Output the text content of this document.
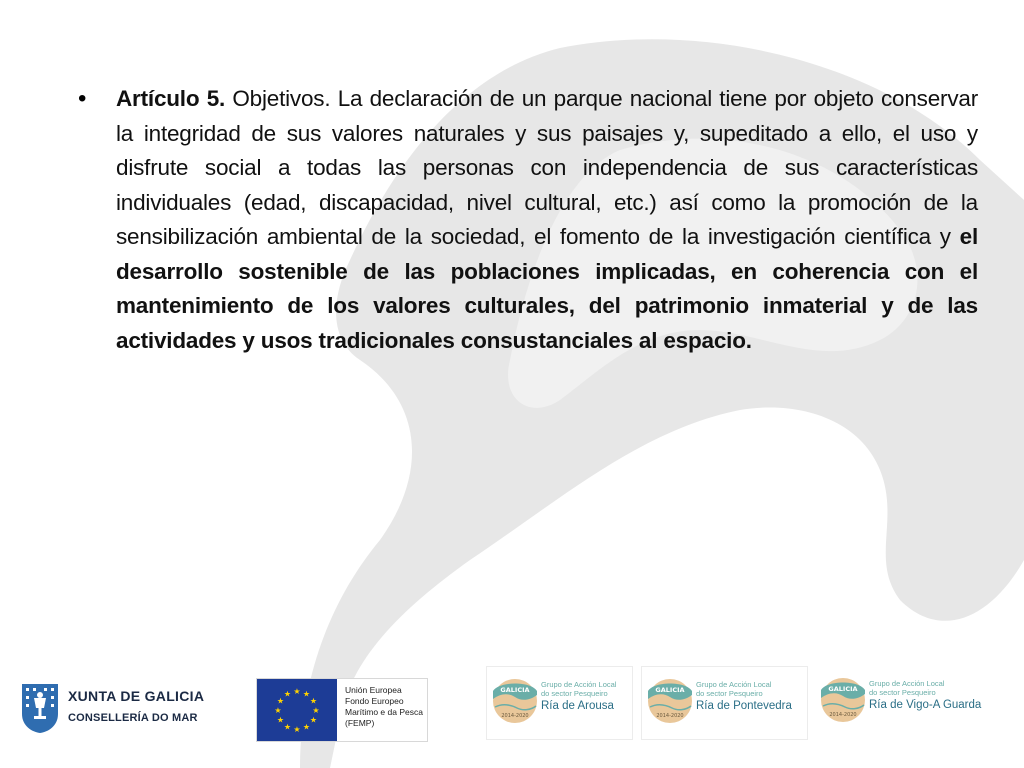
•	Artículo 5. Objetivos. La declaración de un parque nacional tiene por objeto conservar la integridad de sus valores naturales y sus paisajes y, supeditado a ello, el uso y disfrute social a todas las personas con independencia de sus características individuales (edad, discapacidad, nivel cultural, etc.) así como la promoción de la sensibilización ambiental de la sociedad, el fomento de la investigación científica y el desarrollo sostenible de las poblaciones implicadas, en coherencia con el mantenimiento de los valores culturales, del patrimonio inmaterial y de las actividades y usos tradicionales consustanciales al espacio.

XUNTA DE GALICIA
CONSELLERÍA DO MAR
★ ★
★
★
★
★
★
★
★
★
★
★	Unión Europea
Fondo Europeo
Marítimo e da Pesca
(FEMP)
GALICIA
2014-2020
Grupo de Acción Local
do sector Pesqueiro
Ría de Arousa
GALICIA
2014-2020
Grupo de Acción Local
do sector Pesqueiro
Ría de Pontevedra
GALICIA
2014-2020
Grupo de Acción Local
do sector Pesqueiro
Ría de Vigo-A Guarda
